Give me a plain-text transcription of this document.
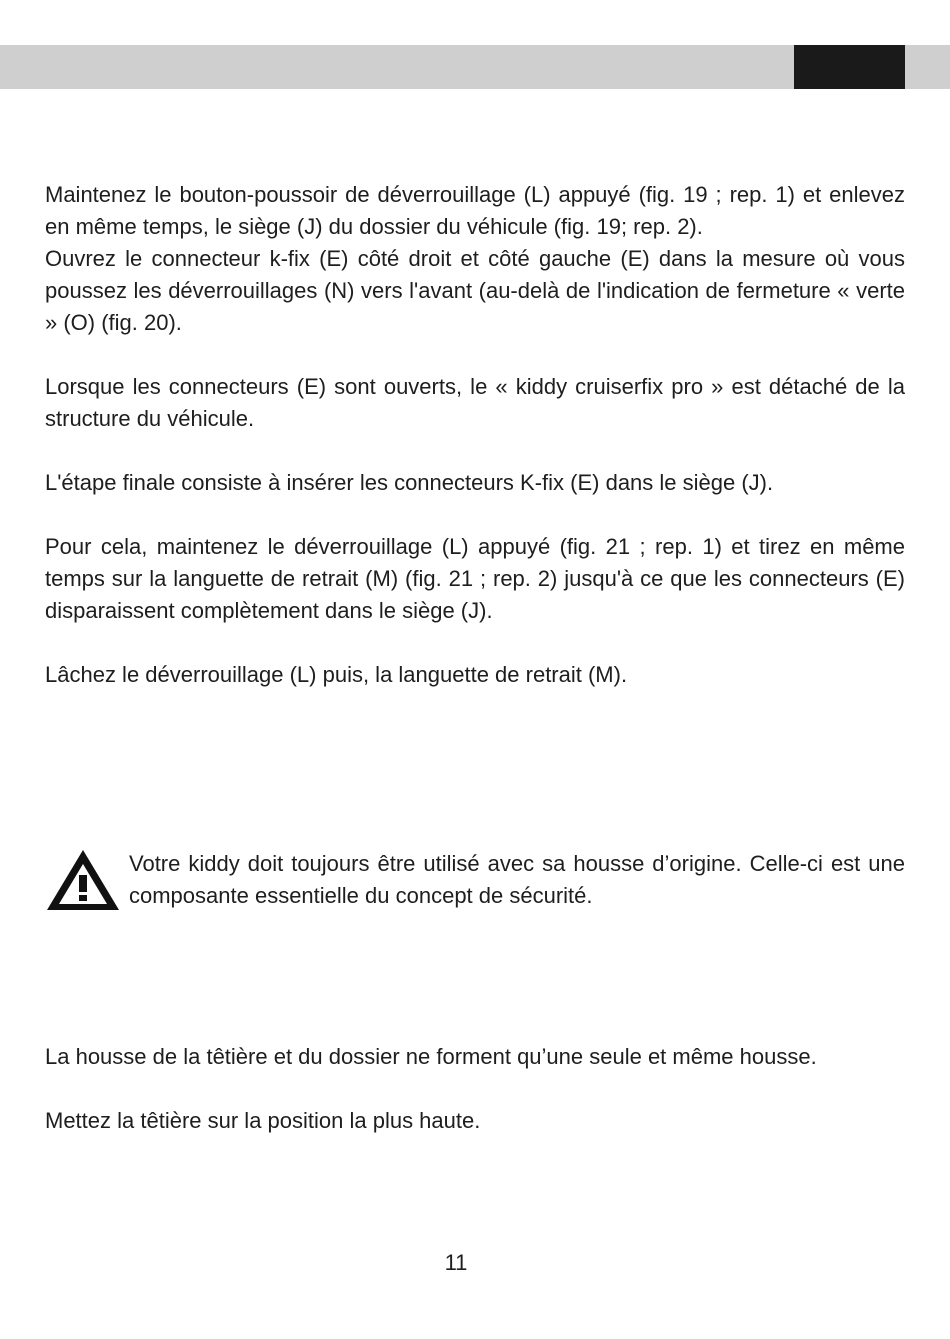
Maintenez le bouton-poussoir de déverrouillage (L) appuyé (fig. 19 ; rep. 1) et enlevez en même temps, le siège (J) du dossier du véhicule (fig. 19; rep. 2).

Ouvrez le connecteur k-fix (E) côté droit et côté gauche (E) dans la mesure où vous poussez les déverrouillages (N) vers l'avant (au-delà de l'indication de fermeture « verte » (O) (fig. 20).

Lorsque les connecteurs (E) sont ouverts, le « kiddy cruiserfix pro » est détaché de la structure du véhicule.

L'étape finale consiste à insérer les connecteurs K-fix (E) dans le siège (J).

Pour cela, maintenez le déverrouillage (L) appuyé (fig. 21 ; rep. 1) et tirez en même temps sur la languette de retrait (M) (fig. 21 ; rep. 2) jusqu'à ce que les connecteurs (E) disparaissent complètement dans le siège (J).

Lâchez le déverrouillage (L) puis, la languette de retrait (M).

Votre kiddy doit toujours être utilisé avec sa housse d’origine. Celle-ci est une composante essentielle du concept de sécurité.

La housse de la têtière et du dossier ne forment qu’une seule et même housse.

Mettez la têtière sur la position la plus haute.

11
